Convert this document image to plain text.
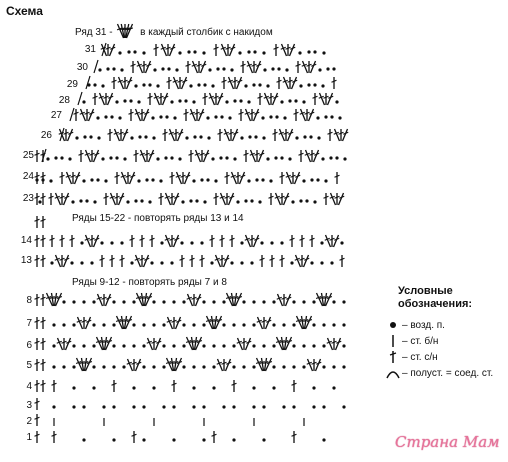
Схема
Ряд 31 -	в каждый столбик с накидом
Ряды 15-22 - повторять ряды 13 и 14
Ряды 9-12 - повторять ряды 7 и 8
31
30
29
28
27
26
25
24
23
14
13
8
7
6
5
4
3
2
1
Условные
обозначения:
– возд. п.
– ст. б/н
– ст. с/н
– полуст. = соед. ст.
Страна Мам
